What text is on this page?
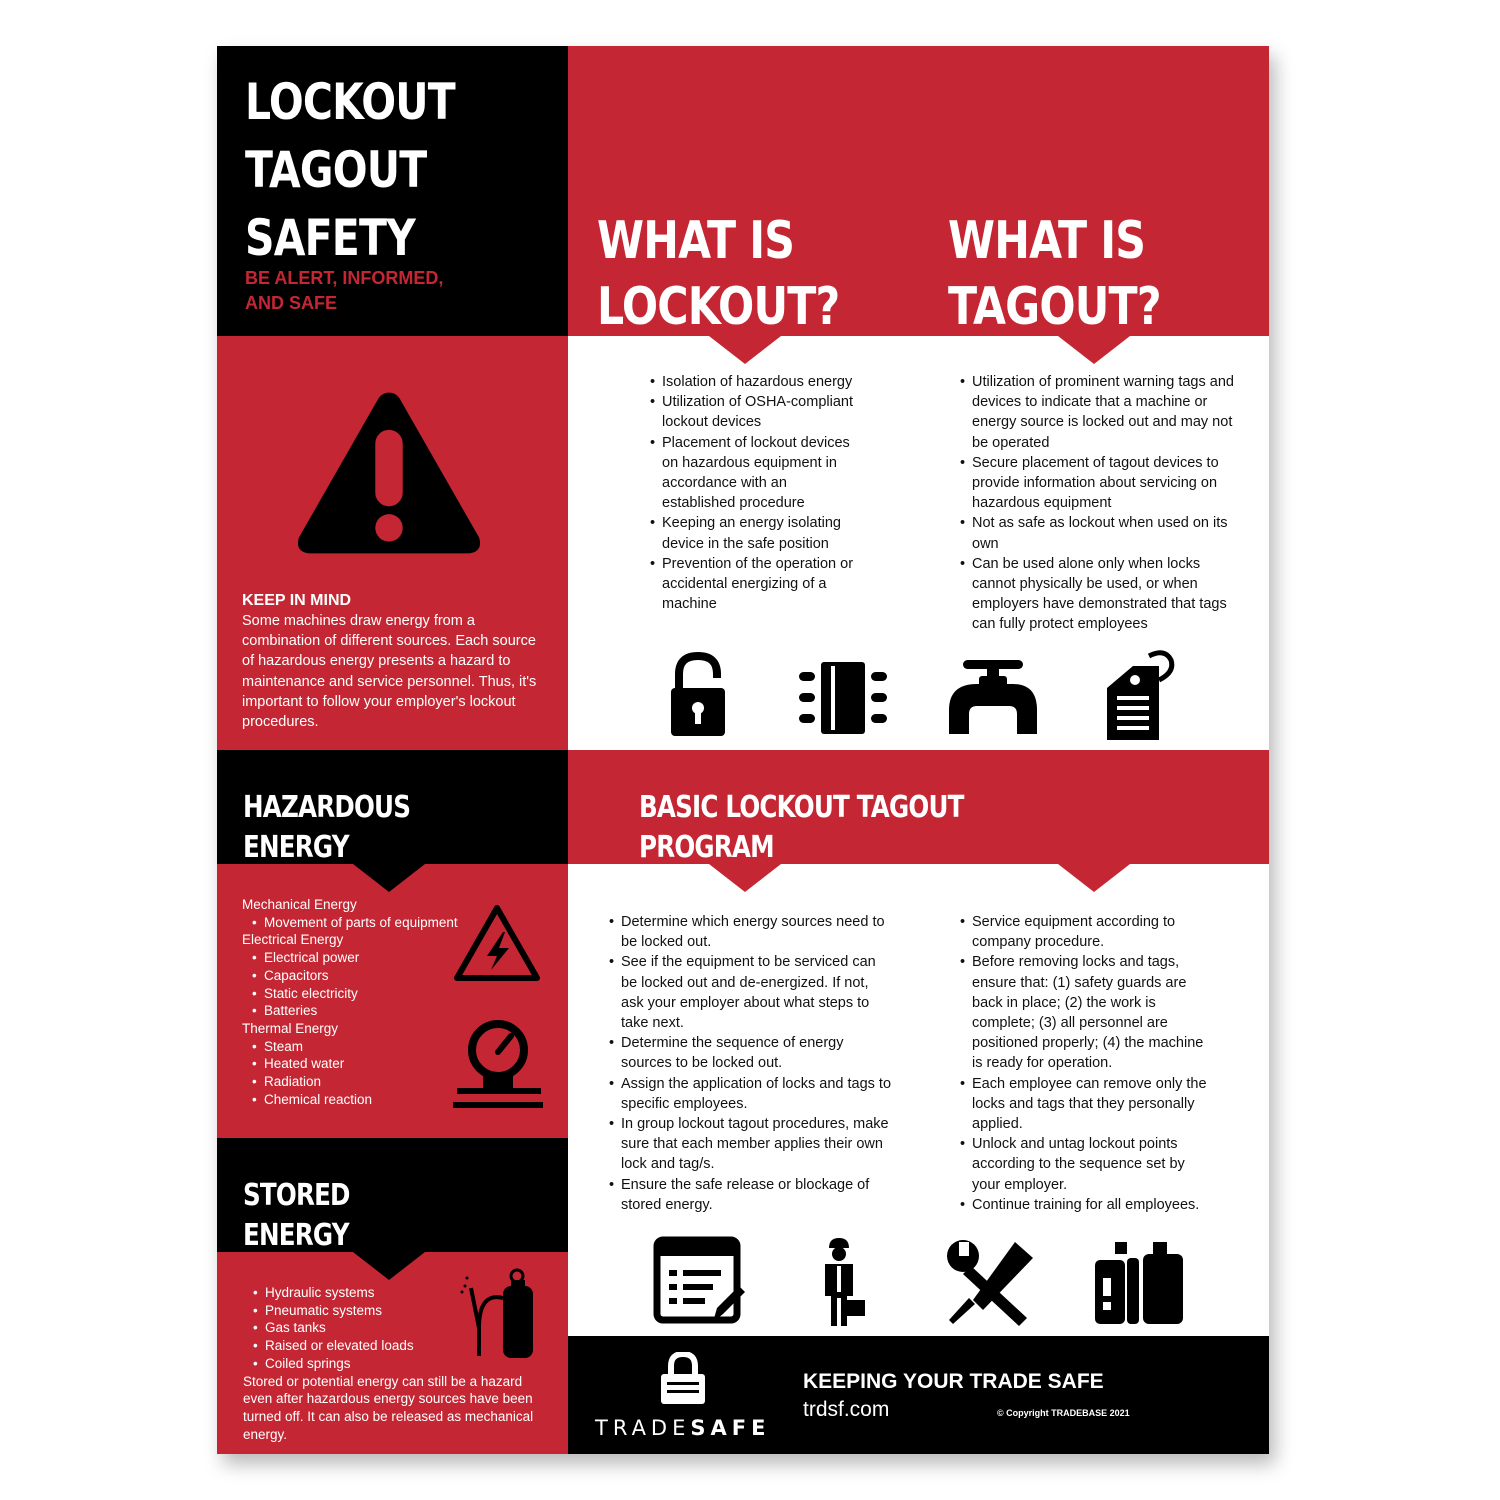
LOCKOUT
TAGOUT
SAFETY
BE ALERT, INFORMED,
AND SAFE
WHAT IS
LOCKOUT?
WHAT IS
TAGOUT?
KEEP IN MIND
Some machines draw energy from a combination of different sources. Each source of hazardous energy presents a hazard to maintenance and service personnel. Thus, it's important to follow your employer's lockout procedures.
• Isolation of hazardous energy
• Utilization of OSHA-compliant lockout devices
• Placement of lockout devices on hazardous equipment in accordance with an established procedure
• Keeping an energy isolating device in the safe position
• Prevention of the operation or accidental energizing of a machine
• Utilization of prominent warning tags and devices to indicate that a machine or energy source is locked out and may not be operated
• Secure placement of tagout devices to provide information about servicing on hazardous equipment
• Not as safe as lockout when used on its own
• Can be used alone only when locks cannot physically be used, or when employers have demonstrated that tags can fully protect employees
HAZARDOUS
ENERGY
BASIC LOCKOUT TAGOUT
PROGRAM
Mechanical Energy
• Movement of parts of equipment
Electrical Energy
• Electrical power
• Capacitors
• Static electricity
• Batteries
Thermal Energy
• Steam
• Heated water
• Radiation
• Chemical reaction
• Determine which energy sources need to be locked out.
• See if the equipment to be serviced can be locked out and de-energized. If not, ask your employer about what steps to take next.
• Determine the sequence of energy sources to be locked out.
• Assign the application of locks and tags to specific employees.
• In group lockout tagout procedures, make sure that each member applies their own lock and tag/s.
• Ensure the safe release or blockage of stored energy.
• Service equipment according to company procedure.
• Before removing locks and tags, ensure that: (1) safety guards are back in place; (2) the work is complete; (3) all personnel are positioned properly; (4) the machine is ready for operation.
• Each employee can remove only the locks and tags that they personally applied.
• Unlock and untag lockout points according to the sequence set by your employer.
• Continue training for all employees.
STORED
ENERGY
• Hydraulic systems
• Pneumatic systems
• Gas tanks
• Raised or elevated loads
• Coiled springs
Stored or potential energy can still be a hazard even after hazardous energy sources have been turned off. It can also be released as mechanical energy.	TRADESAFE
KEEPING YOUR TRADE SAFE
trdsf.com	© Copyright TRADEBASE 2021
